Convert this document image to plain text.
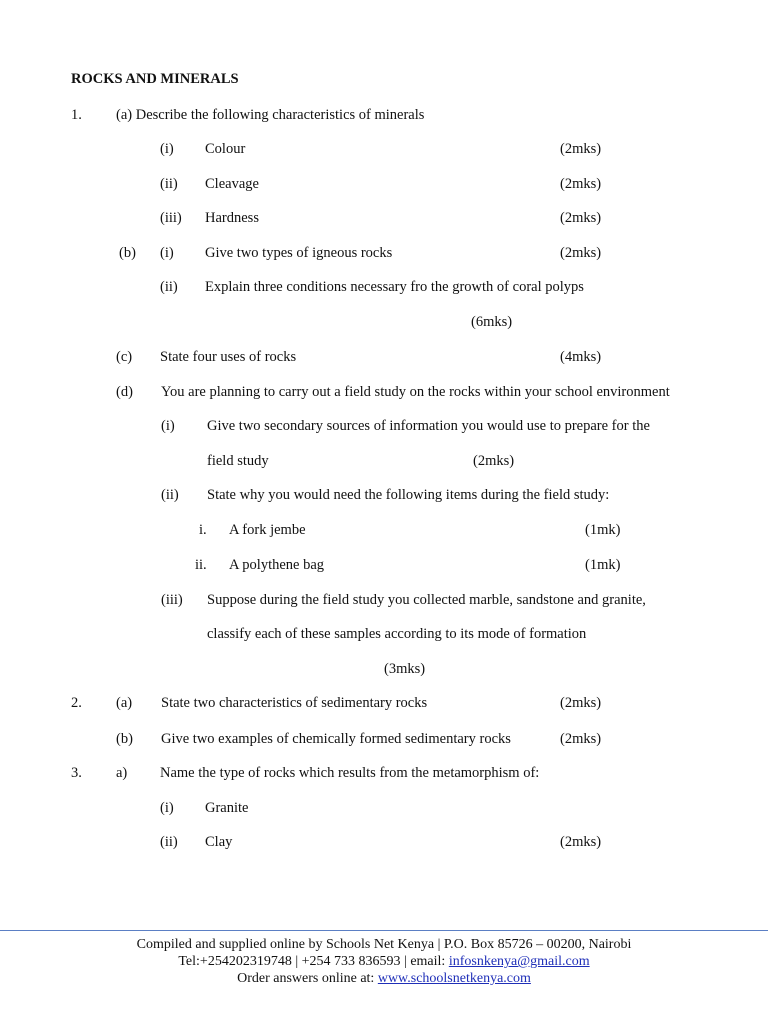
ROCKS AND MINERALS
1. (a) Describe the following characteristics of minerals
(i) Colour	(2mks)
(ii) Cleavage	(2mks)
(iii) Hardness	(2mks)
(b) (i) Give two types of igneous rocks	(2mks)
(ii) Explain three conditions necessary fro the growth of coral polyps
(6mks)
(c) State four uses of rocks	(4mks)
(d) You are planning to carry out a field study on the rocks within your school environment
(i) Give two secondary sources of information you would use to prepare for the
field study	(2mks)
(ii) State why you would need the following items during the field study:
i. A fork jembe	(1mk)
ii. A polythene bag	(1mk)
(iii) Suppose during the field study you collected marble, sandstone and granite,
classify each of these samples according to its mode of formation
(3mks)
2. (a) State two characteristics of sedimentary rocks	(2mks)
(b) Give two examples of chemically formed sedimentary rocks	(2mks)
3. a) Name the type of rocks which results from the metamorphism of:
(i) Granite
(ii) Clay	(2mks)
Compiled and supplied online by Schools Net Kenya | P.O. Box 85726 – 00200, Nairobi
Tel:+254202319748 | +254 733 836593 | email: infosnkenya@gmail.com
Order answers online at: www.schoolsnetkenya.com
